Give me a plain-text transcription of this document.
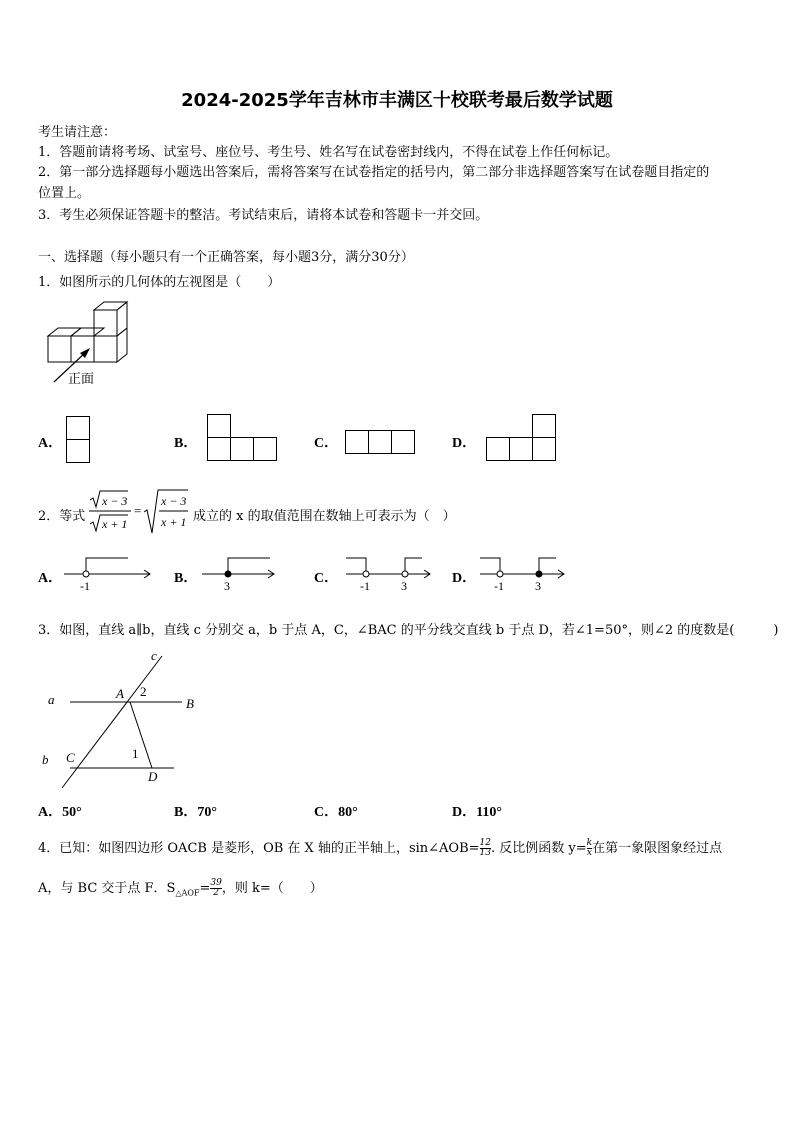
2024-2025学年吉林市丰满区十校联考最后数学试题
考生请注意：
1．答题前请将考场、试室号、座位号、考生号、姓名写在试卷密封线内，不得在试卷上作任何标记。
2．第一部分选择题每小题选出答案后，需将答案写在试卷指定的括号内，第二部分非选择题答案写在试卷题目指定的
位置上。
3．考生必须保证答题卡的整洁。考试结束后，请将本试卷和答题卡一并交回。
一、选择题（每小题只有一个正确答案，每小题3分，满分30分）
1．如图所示的几何体的左视图是（　　）
正面
A．	B．	C．	D．
2．等式
x − 3
x + 1
=
x − 3
x + 1 成立的 x 的取值范围在数轴上可表示为（　）
A． -1	B． 3	C． -1	3	D． -1	3
3．如图，直线 a∥b，直线 c 分别交 a，b 于点 A，C，∠BAC 的平分线交直线 b 于点 D，若∠1=50°，则∠2 的度数是(　　　)
c
a	A 2
B
b C	1
D
A．50°	B．70°	C．80°	D．110°
4．已知：如图四边形 OACB 是菱形，OB 在 X 轴的正半轴上，sin∠AOB= $\frac{12}{13}$ . 反比例函数 $y= \frac{k}{x}$ 在第一象限图象经过点
A，与 BC 交于点 F．$S_{\triangle AOF}= \frac{39}{2}$ ，则 k=（　　）
